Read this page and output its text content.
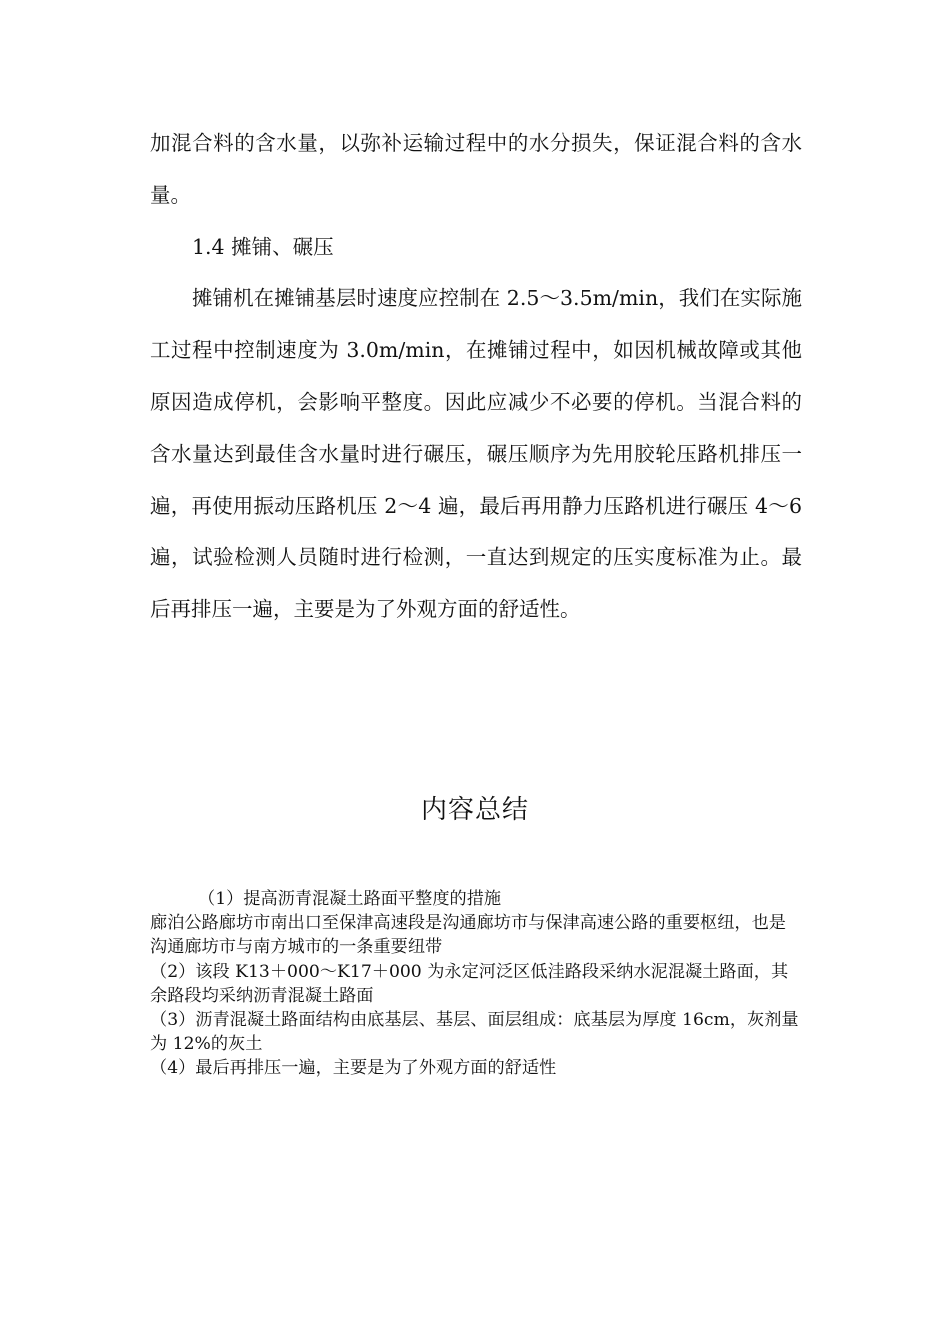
加混合料的含水量，以弥补运输过程中的水分损失，保证混合料的含水量。

1.4 摊铺、碾压

摊铺机在摊铺基层时速度应控制在 2.5～3.5m/min，我们在实际施工过程中控制速度为 3.0m/min，在摊铺过程中，如因机械故障或其他原因造成停机，会影响平整度。因此应减少不必要的停机。当混合料的含水量达到最佳含水量时进行碾压，碾压顺序为先用胶轮压路机排压一遍，再使用振动压路机压 2～4 遍，最后再用静力压路机进行碾压 4～6 遍，试验检测人员随时进行检测，一直达到规定的压实度标准为止。最后再排压一遍，主要是为了外观方面的舒适性。

内容总结

（1）提高沥青混凝土路面平整度的措施

廊泊公路廊坊市南出口至保津高速段是沟通廊坊市与保津高速公路的重要枢纽，也是沟通廊坊市与南方城市的一条重要纽带

（2）该段 K13＋000～K17＋000 为永定河泛区低洼路段采纳水泥混凝土路面，其余路段均采纳沥青混凝土路面

（3）沥青混凝土路面结构由底基层、基层、面层组成：底基层为厚度 16cm，灰剂量为 12%的灰土

（4）最后再排压一遍，主要是为了外观方面的舒适性
